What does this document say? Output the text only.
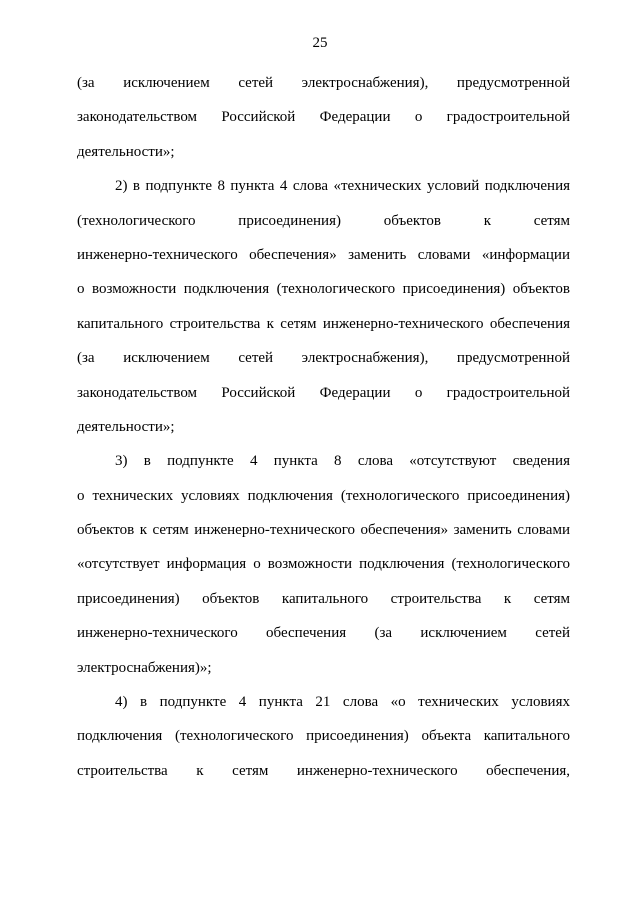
25
(за исключением сетей электроснабжения), предусмотренной
законодательством Российской Федерации о градостроительной
деятельности»;
2) в подпункте 8 пункта 4 слова «технических условий подключения
(технологического присоединения) объектов к сетям
инженерно-технического обеспечения» заменить словами «информации
о возможности подключения (технологического присоединения) объектов
капитального строительства к сетям инженерно-технического обеспечения
(за исключением сетей электроснабжения), предусмотренной
законодательством Российской Федерации о градостроительной
деятельности»;
3) в подпункте 4 пункта 8 слова «отсутствуют сведения
о технических условиях подключения (технологического присоединения)
объектов к сетям инженерно-технического обеспечения» заменить словами
«отсутствует информация о возможности подключения (технологического
присоединения) объектов капитального строительства к сетям
инженерно-технического обеспечения (за исключением сетей
электроснабжения)»;
4) в подпункте 4 пункта 21 слова «о технических условиях
подключения (технологического присоединения) объекта капитального
строительства к сетям инженерно-технического обеспечения,
